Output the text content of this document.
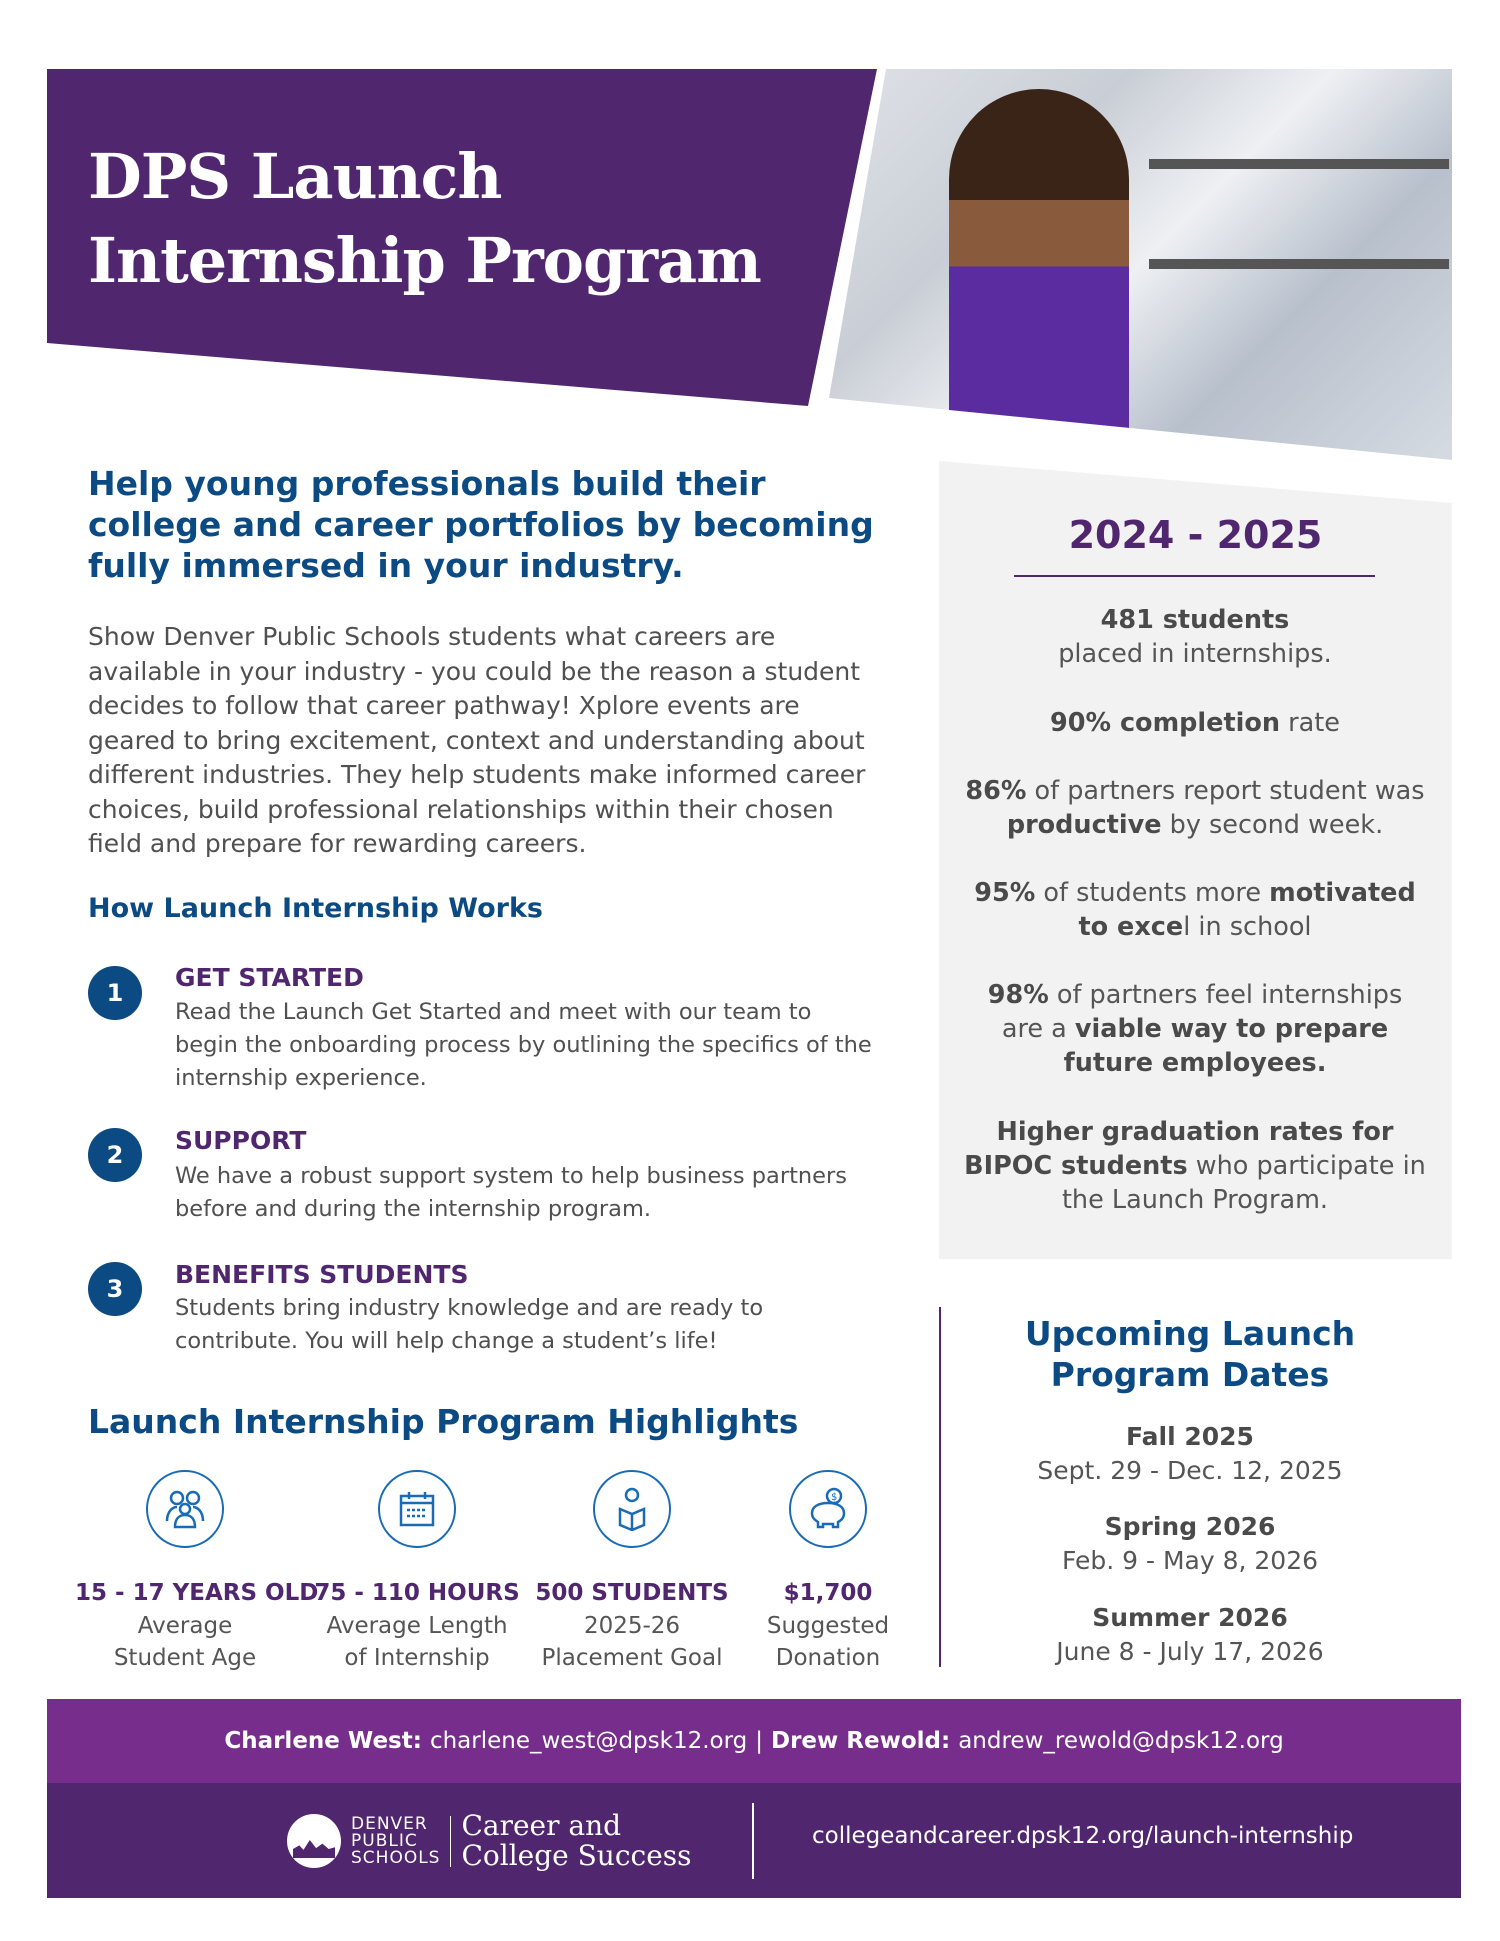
DPS Launch
Internship Program
Help young professionals build their college and career portfolios by becoming fully immersed in your industry.

Show Denver Public Schools students what careers are available in your industry - you could be the reason a student decides to follow that career pathway! Xplore events are geared to bring excitement, context and understanding about different industries. They help students make informed career choices, build professional relationships within their chosen field and prepare for rewarding careers.

How Launch Internship Works
1
GET STARTED
Read the Launch Get Started and meet with our team to begin the onboarding process by outlining the specifics of the internship experience.
2	SUPPORT
We have a robust support system to help business partners before and during the internship program.
3	BENEFITS STUDENTS
Students bring industry knowledge and are ready to contribute. You will help change a student’s life!
Launch Internship Program Highlights
15 - 17 YEARS OLD
Average
Student Age
75 - 110 HOURS
Average Length
of Internship
500 STUDENTS
2025-26
Placement Goal
$
$1,700
Suggested
Donation
2024 - 2025
481 students
placed in internships.
90% completion rate
86% of partners report student was productive by second week.
95% of students more motivated to excel in school
98% of partners feel internships are a viable way to prepare future employees.
Higher graduation rates for BIPOC students who participate in the Launch Program.
Upcoming Launch Program Dates
Fall 2025
Sept. 29 - Dec. 12, 2025
Spring 2026
Feb. 9 - May 8, 2026
Summer 2026
June 8 - July 17, 2026
Charlene West: charlene_west@dpsk12.org | Drew Rewold: andrew_rewold@dpsk12.org
DENVER
PUBLIC
SCHOOLS
Career and
College Success
collegeandcareer.dpsk12.org/launch-internship
